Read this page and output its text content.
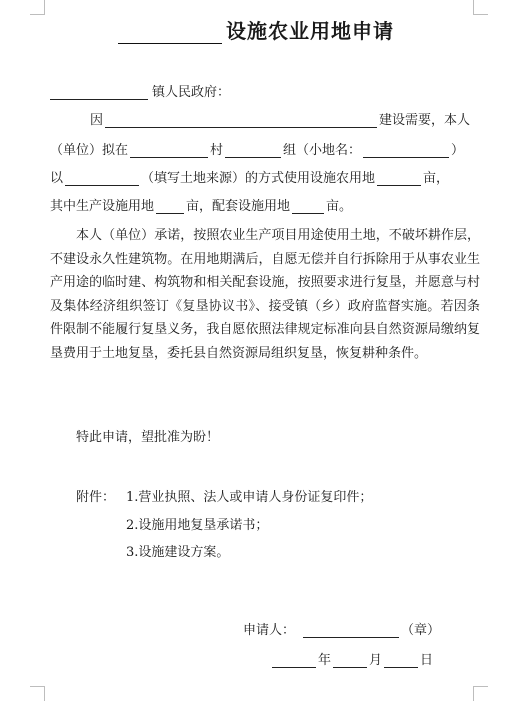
设施农业用地申请
镇人民政府：
因	建设需要，本人
（单位）拟在	村	组（小地名：	）
以	（填写土地来源）的方式使用设施农用地	亩，
其中生产设施用地 亩，配套设施用地	亩。

本人（单位）承诺，按照农业生产项目用途使用土地，不破坏耕作层，不建设永久性建筑物。在用地期满后，自愿无偿并自行拆除用于从事农业生产用途的临时建、构筑物和相关配套设施，按照要求进行复垦，并愿意与村及集体经济组织签订《复垦协议书》、接受镇（乡）政府监督实施。若因条件限制不能履行复垦义务，我自愿依照法律规定标准向县自然资源局缴纳复垦费用于土地复垦，委托县自然资源局组织复垦，恢复耕种条件。

特此申请，望批准为盼！

附件： 1.营业执照、法人或申请人身份证复印件；
2.设施用地复垦承诺书；
3.设施建设方案。
申请人：	（章）
年	月	日
